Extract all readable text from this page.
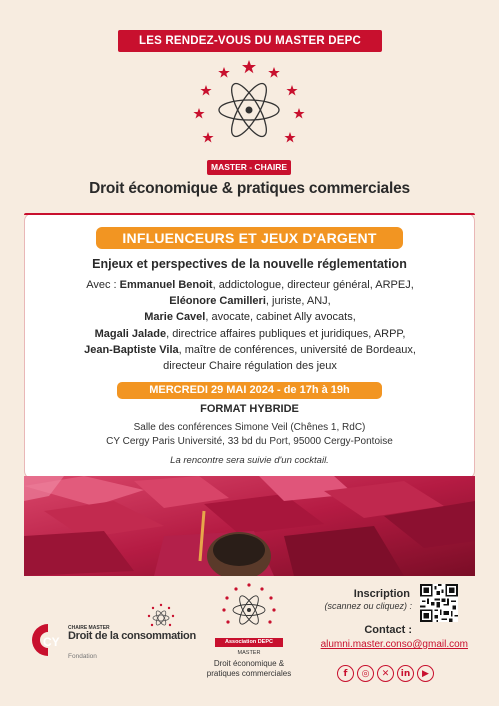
LES RENDEZ-VOUS DU MASTER DEPC
MASTER - CHAIRE
Droit économique & pratiques commerciales
INFLUENCEURS ET JEUX D'ARGENT
Enjeux et perspectives de la nouvelle réglementation
Avec : Emmanuel Benoit, addictologue, directeur général, ARPEJ,
Eléonore Camilleri, juriste, ANJ,
Marie Cavel, avocate, cabinet Ally avocats,
Magali Jalade, directrice affaires publiques et juridiques, ARPP,
Jean-Baptiste Vila, maître de conférences, université de Bordeaux,
directeur Chaire régulation des jeux
MERCREDI 29 MAI 2024 - de 17h à 19h
FORMAT HYBRIDE
Salle des conférences Simone Veil (Chênes 1, RdC)
CY Cergy Paris Université, 33 bd du Port, 95000 Cergy-Pontoise
La rencontre sera suivie d'un cocktail.
CY
CHAIRE MASTER
Droit de la consommation
Fondation
Association DEPC
MASTER
Droit économique &
pratiques commerciales
Inscription
(scannez ou cliquez) :
Contact :
alumni.master.conso@gmail.com
f	◎	✕	in	▶
